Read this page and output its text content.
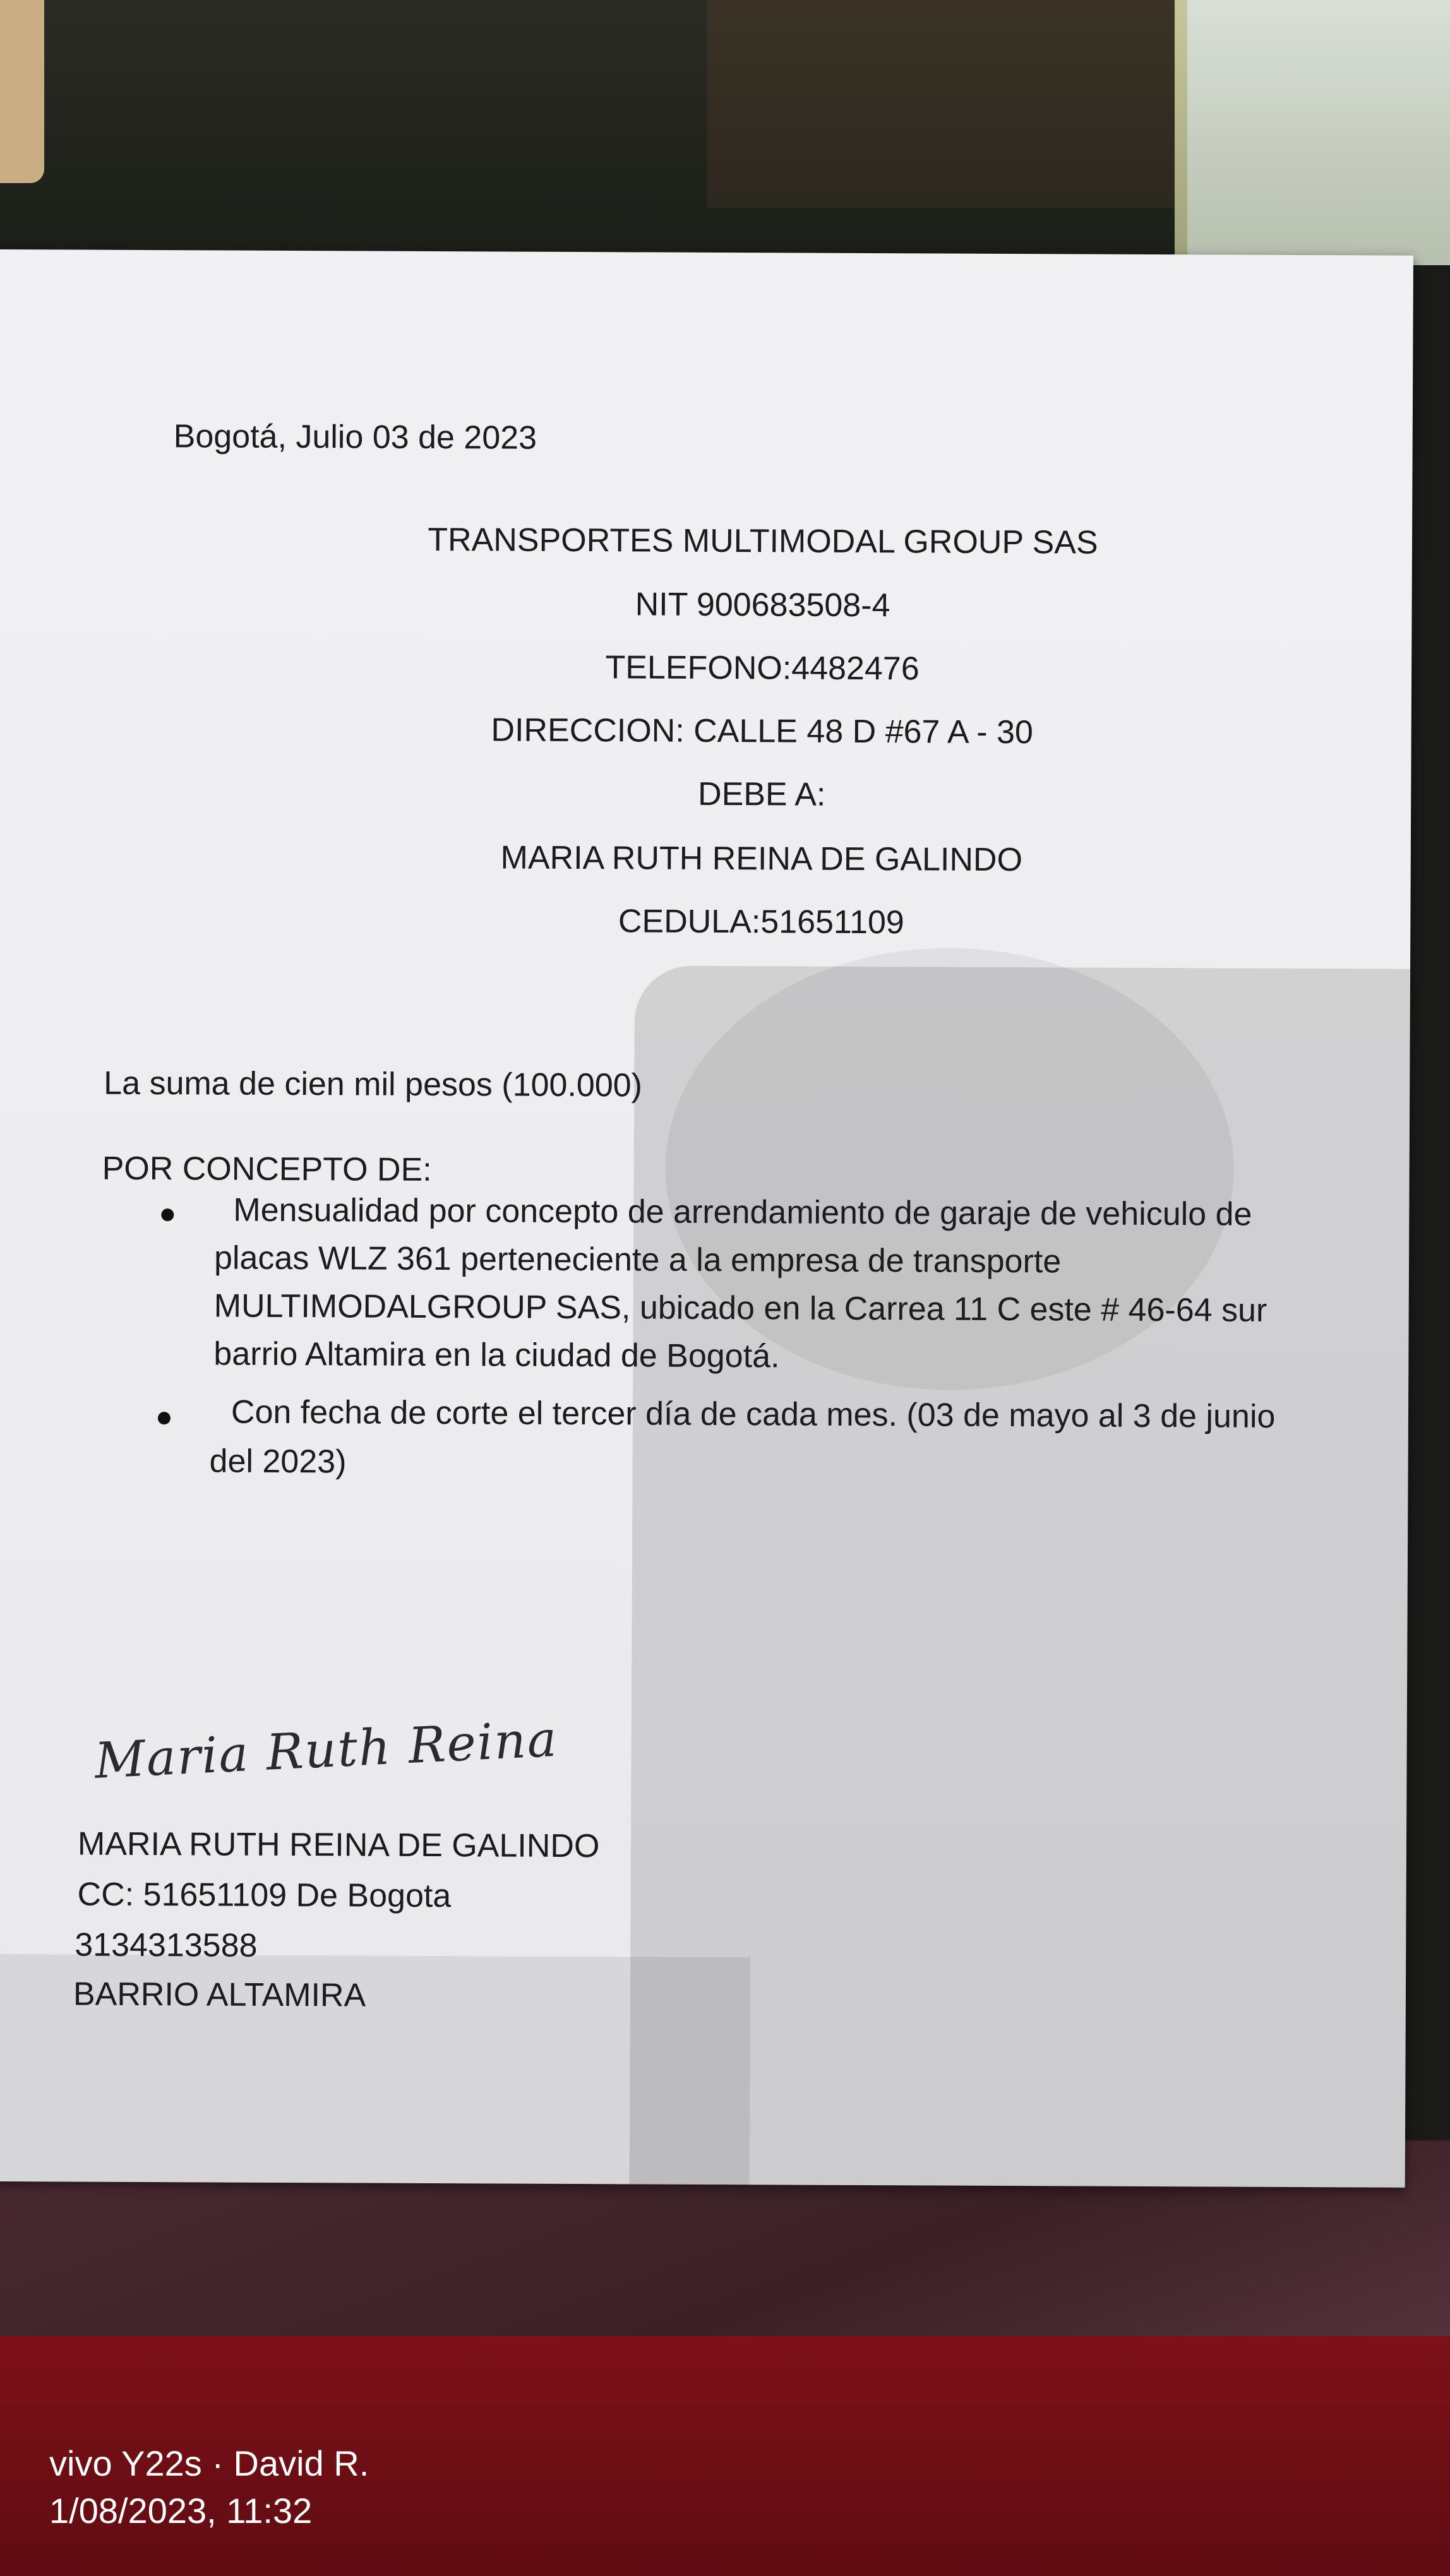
Bogotá, Julio 03 de 2023
TRANSPORTES MULTIMODAL GROUP SAS
NIT 900683508-4
TELEFONO:4482476
DIRECCION: CALLE 48 D #67 A - 30
DEBE A:
MARIA RUTH REINA DE GALINDO
CEDULA:51651109
La suma de cien mil pesos (100.000)
POR CONCEPTO DE:
Mensualidad por concepto de arrendamiento de garaje de vehiculo de
placas WLZ 361 perteneciente a la empresa de transporte
MULTIMODALGROUP SAS, ubicado en la Carrea 11 C este # 46-64 sur
barrio Altamira en la ciudad de Bogotá.
Con fecha de corte el tercer día de cada mes. (03 de mayo al 3 de junio
del 2023)
Maria Ruth Reina
MARIA RUTH REINA DE GALINDO
CC: 51651109 De Bogota
3134313588
BARRIO ALTAMIRA
vivo Y22s · David R.
1/08/2023, 11:32
